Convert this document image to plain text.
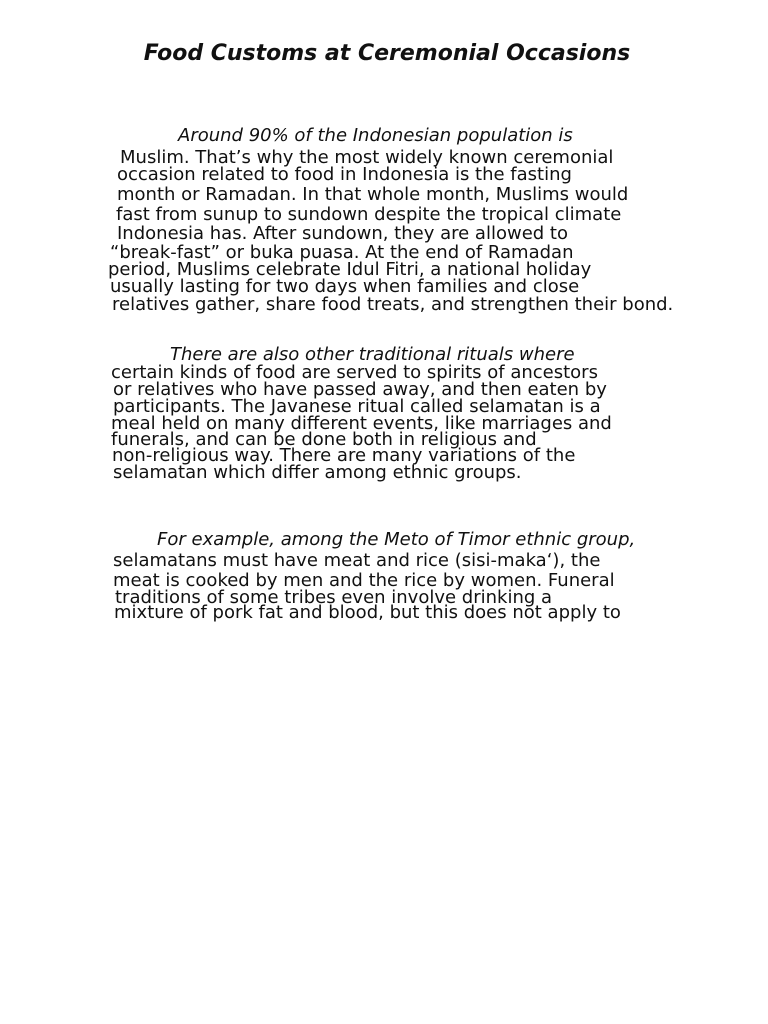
Food Customs at Ceremonial Occasions

Around 90% of the Indonesian population is

Muslim. That’s why the most widely known ceremonial

occasion related to food in Indonesia is the fasting

month or Ramadan. In that whole month, Muslims would

fast from sunup to sundown despite the tropical climate

Indonesia has. After sundown, they are allowed to

“break-fast” or buka puasa. At the end of Ramadan

period, Muslims celebrate Idul Fitri, a national holiday

usually lasting for two days when families and close

relatives gather, share food treats, and strengthen their bond.

There are also other traditional rituals where

certain kinds of food are served to spirits of ancestors

or relatives who have passed away, and then eaten by

participants. The Javanese ritual called selamatan is a

meal held on many different events, like marriages and

funerals, and can be done both in religious and

non-religious way. There are many variations of the

selamatan which differ among ethnic groups.

For example, among the Meto of Timor ethnic group,

selamatans must have meat and rice (sisi-maka‘), the

meat is cooked by men and the rice by women. Funeral

traditions of some tribes even involve drinking a

mixture of pork fat and blood, but this does not apply to
